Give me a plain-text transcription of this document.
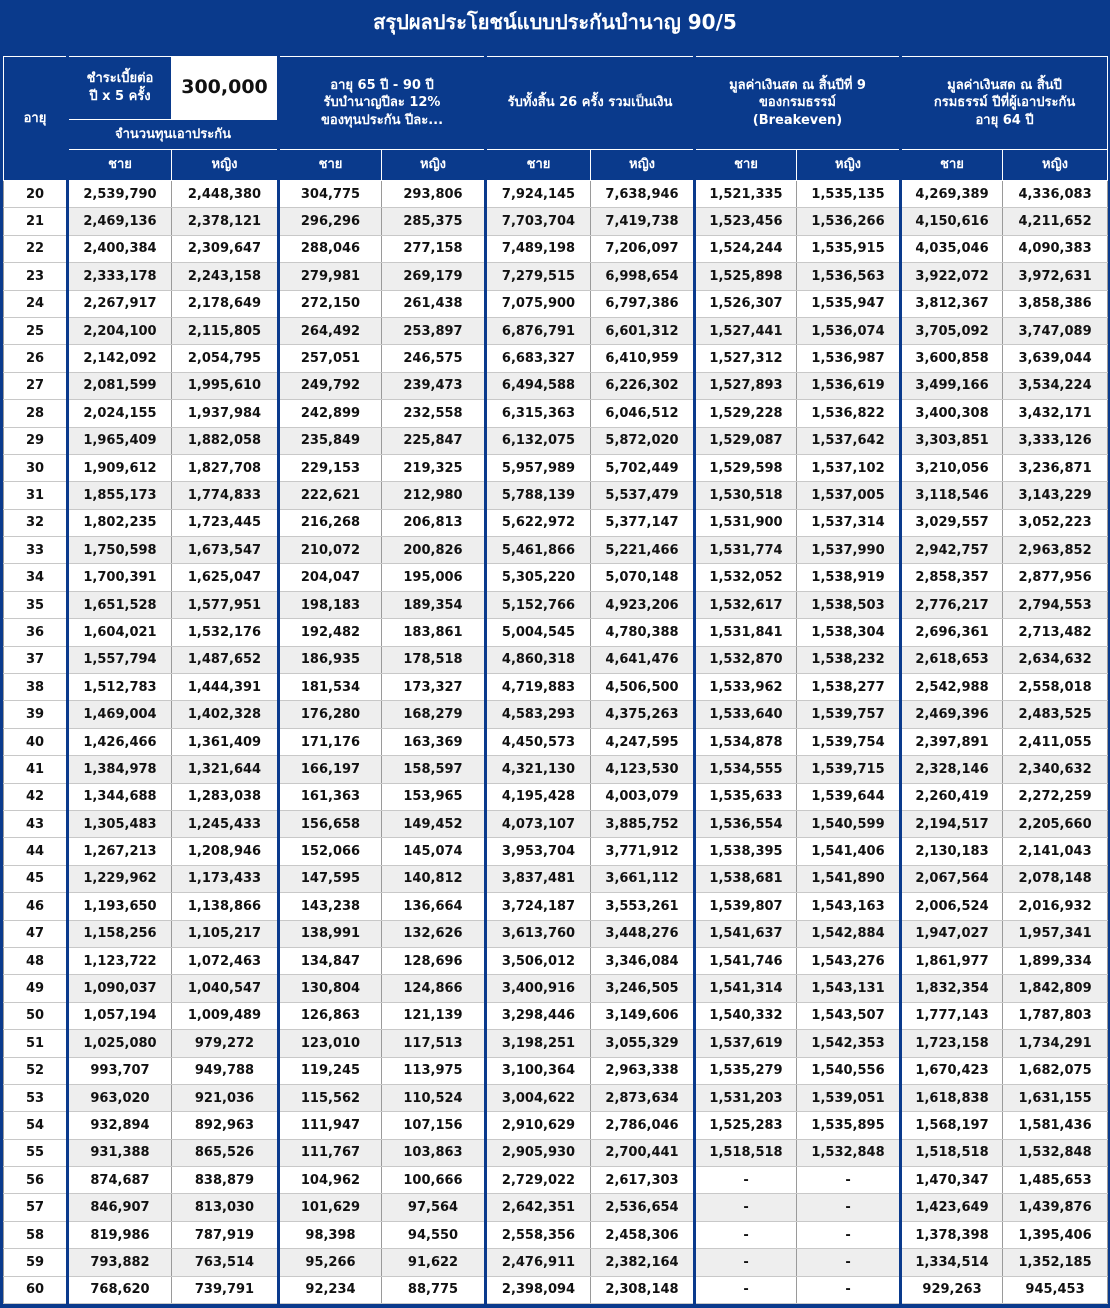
สรุปผลประโยชน์แบบประกันบำนาญ 90/5
อายุ	ชำระเบี้ยต่อ
ปี x 5 ครั้ง	300,000	อายุ 65 ปี - 90 ปี
รับบำนาญปีละ 12%
ของทุนประกัน ปีละ...		รับทั้งสิ้น 26 ครั้ง รวมเป็นเงิน		มูลค่าเงินสด ณ สิ้นปีที่ 9
ของกรมธรรม์
(Breakeven)		มูลค่าเงินสด ณ สิ้นปี
กรมธรรม์ ปีที่ผู้เอาประกัน
อายุ 64 ปี	
	จำนวนทุนเอาประกัน									
	ชาย	หญิง	ชาย	หญิง	ชาย	หญิง	ชาย	หญิง	ชาย	หญิง
20	2,539,790	2,448,380	304,775	293,806	7,924,145	7,638,946	1,521,335	1,535,135	4,269,389	4,336,083
21	2,469,136	2,378,121	296,296	285,375	7,703,704	7,419,738	1,523,456	1,536,266	4,150,616	4,211,652
22	2,400,384	2,309,647	288,046	277,158	7,489,198	7,206,097	1,524,244	1,535,915	4,035,046	4,090,383
23	2,333,178	2,243,158	279,981	269,179	7,279,515	6,998,654	1,525,898	1,536,563	3,922,072	3,972,631
24	2,267,917	2,178,649	272,150	261,438	7,075,900	6,797,386	1,526,307	1,535,947	3,812,367	3,858,386
25	2,204,100	2,115,805	264,492	253,897	6,876,791	6,601,312	1,527,441	1,536,074	3,705,092	3,747,089
26	2,142,092	2,054,795	257,051	246,575	6,683,327	6,410,959	1,527,312	1,536,987	3,600,858	3,639,044
27	2,081,599	1,995,610	249,792	239,473	6,494,588	6,226,302	1,527,893	1,536,619	3,499,166	3,534,224
28	2,024,155	1,937,984	242,899	232,558	6,315,363	6,046,512	1,529,228	1,536,822	3,400,308	3,432,171
29	1,965,409	1,882,058	235,849	225,847	6,132,075	5,872,020	1,529,087	1,537,642	3,303,851	3,333,126
30	1,909,612	1,827,708	229,153	219,325	5,957,989	5,702,449	1,529,598	1,537,102	3,210,056	3,236,871
31	1,855,173	1,774,833	222,621	212,980	5,788,139	5,537,479	1,530,518	1,537,005	3,118,546	3,143,229
32	1,802,235	1,723,445	216,268	206,813	5,622,972	5,377,147	1,531,900	1,537,314	3,029,557	3,052,223
33	1,750,598	1,673,547	210,072	200,826	5,461,866	5,221,466	1,531,774	1,537,990	2,942,757	2,963,852
34	1,700,391	1,625,047	204,047	195,006	5,305,220	5,070,148	1,532,052	1,538,919	2,858,357	2,877,956
35	1,651,528	1,577,951	198,183	189,354	5,152,766	4,923,206	1,532,617	1,538,503	2,776,217	2,794,553
36	1,604,021	1,532,176	192,482	183,861	5,004,545	4,780,388	1,531,841	1,538,304	2,696,361	2,713,482
37	1,557,794	1,487,652	186,935	178,518	4,860,318	4,641,476	1,532,870	1,538,232	2,618,653	2,634,632
38	1,512,783	1,444,391	181,534	173,327	4,719,883	4,506,500	1,533,962	1,538,277	2,542,988	2,558,018
39	1,469,004	1,402,328	176,280	168,279	4,583,293	4,375,263	1,533,640	1,539,757	2,469,396	2,483,525
40	1,426,466	1,361,409	171,176	163,369	4,450,573	4,247,595	1,534,878	1,539,754	2,397,891	2,411,055
41	1,384,978	1,321,644	166,197	158,597	4,321,130	4,123,530	1,534,555	1,539,715	2,328,146	2,340,632
42	1,344,688	1,283,038	161,363	153,965	4,195,428	4,003,079	1,535,633	1,539,644	2,260,419	2,272,259
43	1,305,483	1,245,433	156,658	149,452	4,073,107	3,885,752	1,536,554	1,540,599	2,194,517	2,205,660
44	1,267,213	1,208,946	152,066	145,074	3,953,704	3,771,912	1,538,395	1,541,406	2,130,183	2,141,043
45	1,229,962	1,173,433	147,595	140,812	3,837,481	3,661,112	1,538,681	1,541,890	2,067,564	2,078,148
46	1,193,650	1,138,866	143,238	136,664	3,724,187	3,553,261	1,539,807	1,543,163	2,006,524	2,016,932
47	1,158,256	1,105,217	138,991	132,626	3,613,760	3,448,276	1,541,637	1,542,884	1,947,027	1,957,341
48	1,123,722	1,072,463	134,847	128,696	3,506,012	3,346,084	1,541,746	1,543,276	1,861,977	1,899,334
49	1,090,037	1,040,547	130,804	124,866	3,400,916	3,246,505	1,541,314	1,543,131	1,832,354	1,842,809
50	1,057,194	1,009,489	126,863	121,139	3,298,446	3,149,606	1,540,332	1,543,507	1,777,143	1,787,803
51	1,025,080	979,272	123,010	117,513	3,198,251	3,055,329	1,537,619	1,542,353	1,723,158	1,734,291
52	993,707	949,788	119,245	113,975	3,100,364	2,963,338	1,535,279	1,540,556	1,670,423	1,682,075
53	963,020	921,036	115,562	110,524	3,004,622	2,873,634	1,531,203	1,539,051	1,618,838	1,631,155
54	932,894	892,963	111,947	107,156	2,910,629	2,786,046	1,525,283	1,535,895	1,568,197	1,581,436
55	931,388	865,526	111,767	103,863	2,905,930	2,700,441	1,518,518	1,532,848	1,518,518	1,532,848
56	874,687	838,879	104,962	100,666	2,729,022	2,617,303	-	-	1,470,347	1,485,653
57	846,907	813,030	101,629	97,564	2,642,351	2,536,654	-	-	1,423,649	1,439,876
58	819,986	787,919	98,398	94,550	2,558,356	2,458,306	-	-	1,378,398	1,395,406
59	793,882	763,514	95,266	91,622	2,476,911	2,382,164	-	-	1,334,514	1,352,185
60	768,620	739,791	92,234	88,775	2,398,094	2,308,148	-	-	929,263	945,453
